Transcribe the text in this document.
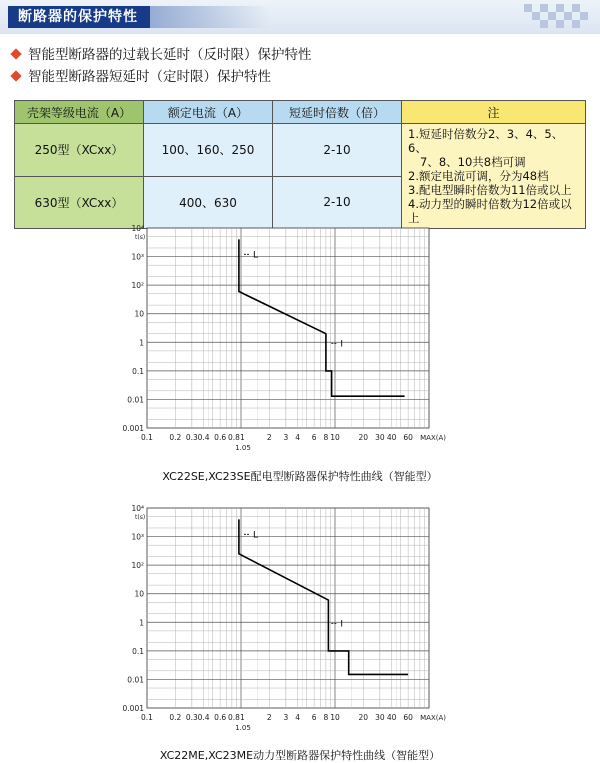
断路器的保护特性
智能型断路器的过载长延时（反时限）保护特性
智能型断路器短延时（定时限）保护特性
壳架等级电流（A）	额定电流（A）	短延时倍数（倍）	注
250型（XCxx）	100、160、250	2-10	1.短延时倍数分2、3、4、5、6、
7、8、10共8档可调
2.额定电流可调，分为48档
3.配电型瞬时倍数为11倍或以上
4.动力型的瞬时倍数为12倍或以上

630型（XCxx）	400、630	2-10	
0.1 0.2 0.3 0.4 0.6 0.81	2 3 4 6 8 10 20 30 40 60
1.05
MAX(A)
10⁴
10³
10²
10
1
0.1
0.01
0.001
t(s)
L
I
XC22SE,XC23SE配电型断路器保护特性曲线（智能型）
0.1 0.2 0.3 0.4 0.6 0.81	2 3 4 6 8 10 20 30 40 60
1.05
MAX(A)
10⁴
10³
10²
10
1
0.1
0.01
0.001
t(s)
L
I
XC22ME,XC23ME动力型断路器保护特性曲线（智能型）
